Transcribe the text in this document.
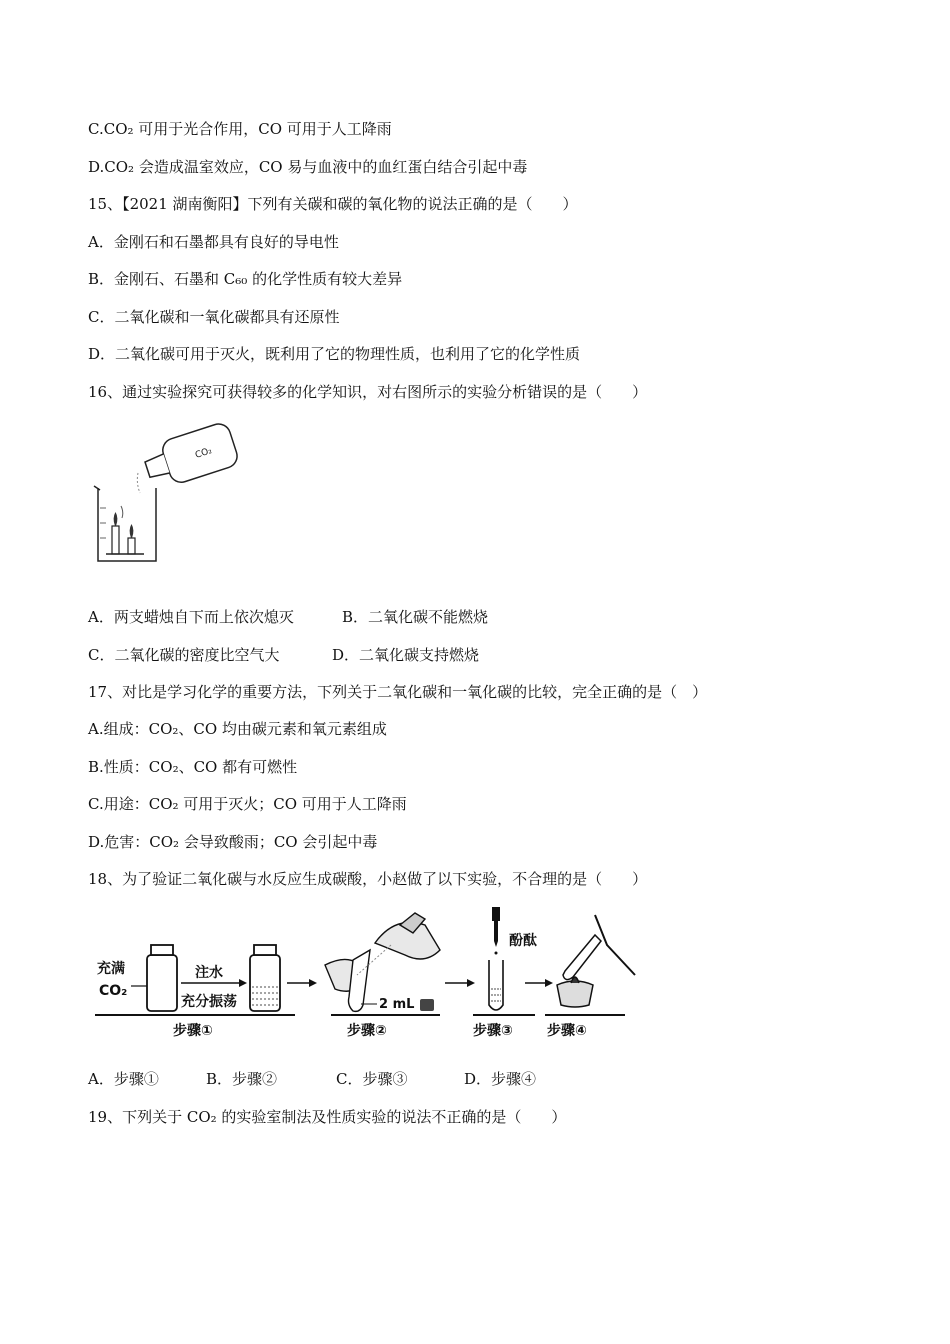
C.CO₂ 可用于光合作用，CO 可用于人工降雨
D.CO₂ 会造成温室效应，CO 易与血液中的血红蛋白结合引起中毒
15、【2021 湖南衡阳】下列有关碳和碳的氧化物的说法正确的是（　　）
A．金刚石和石墨都具有良好的导电性
B．金刚石、石墨和 C₆₀ 的化学性质有较大差异
C．二氧化碳和一氧化碳都具有还原性
D．二氧化碳可用于灭火，既利用了它的物理性质，也利用了它的化学性质
16、通过实验探究可获得较多的化学知识，对右图所示的实验分析错误的是（　　）
CO₂
A．两支蜡烛自下而上依次熄灭	B．二氧化碳不能燃烧
C．二氧化碳的密度比空气大	D．二氧化碳支持燃烧
17、对比是学习化学的重要方法，下列关于二氧化碳和一氧化碳的比较，完全正确的是（　）
A.组成：CO₂、CO 均由碳元素和氧元素组成
B.性质：CO₂、CO 都有可燃性
C.用途：CO₂ 可用于灭火；CO 可用于人工降雨
D.危害：CO₂ 会导致酸雨；CO 会引起中毒
18、为了验证二氧化碳与水反应生成碳酸，小赵做了以下实验，不合理的是（　　）
充满
CO₂
注水
充分振荡
步骤①
2 mL
步骤②
酚酞
步骤③ 步骤④
A．步骤①	B．步骤②	C．步骤③	D．步骤④
19、下列关于 CO₂ 的实验室制法及性质实验的说法不正确的是（　　）
